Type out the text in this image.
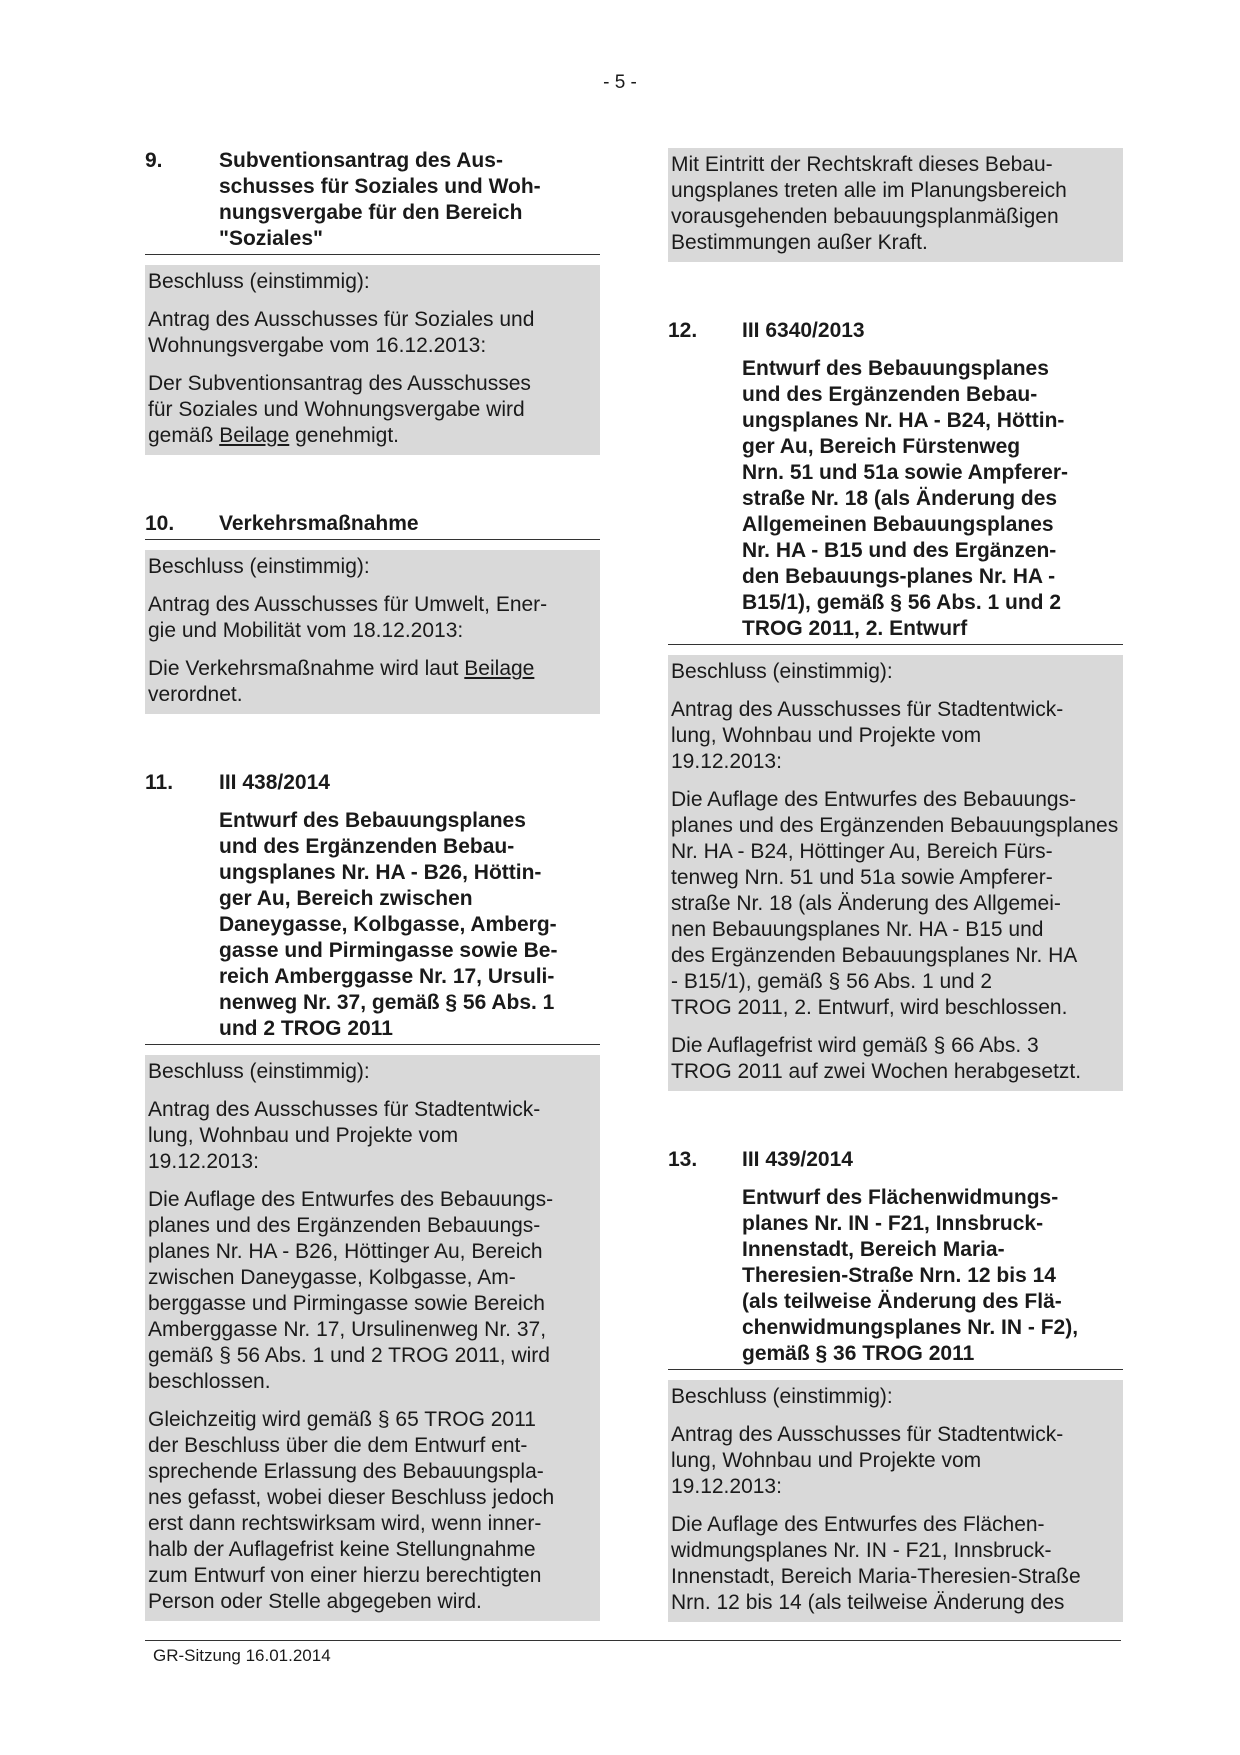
- 5 -
9.	Subventionsantrag des Aus-
schusses für Soziales und Woh-
nungsvergabe für den Bereich
"Soziales"

Beschluss (einstimmig):

Antrag des Ausschusses für Soziales und
Wohnungsvergabe vom 16.12.2013:

Der Subventionsantrag des Ausschusses
für Soziales und Wohnungsvergabe wird
gemäß Beilage genehmigt.

10.	Verkehrsmaßnahme

Beschluss (einstimmig):

Antrag des Ausschusses für Umwelt, Ener-
gie und Mobilität vom 18.12.2013:

Die Verkehrsmaßnahme wird laut Beilage
verordnet.

11.	III 438/2014
Entwurf des Bebauungsplanes
und des Ergänzenden Bebau-
ungsplanes Nr. HA - B26, Höttin-
ger Au, Bereich zwischen
Daneygasse, Kolbgasse, Amberg-
gasse und Pirmingasse sowie Be-
reich Amberggasse Nr. 17, Ursuli-
nenweg Nr. 37, gemäß § 56 Abs. 1
und 2 TROG 2011

Beschluss (einstimmig):

Antrag des Ausschusses für Stadtentwick-
lung, Wohnbau und Projekte vom
19.12.2013:

Die Auflage des Entwurfes des Bebauungs-
planes und des Ergänzenden Bebauungs-
planes Nr. HA - B26, Höttinger Au, Bereich
zwischen Daneygasse, Kolbgasse, Am-
berggasse und Pirmingasse sowie Bereich
Amberggasse Nr. 17, Ursulinenweg Nr. 37,
gemäß § 56 Abs. 1 und 2 TROG 2011, wird
beschlossen.

Gleichzeitig wird gemäß § 65 TROG 2011
der Beschluss über die dem Entwurf ent-
sprechende Erlassung des Bebauungspla-
nes gefasst, wobei dieser Beschluss jedoch
erst dann rechtswirksam wird, wenn inner-
halb der Auflagefrist keine Stellungnahme
zum Entwurf von einer hierzu berechtigten
Person oder Stelle abgegeben wird.

Mit Eintritt der Rechtskraft dieses Bebau-
ungsplanes treten alle im Planungsbereich
vorausgehenden bebauungsplanmäßigen
Bestimmungen außer Kraft.

12.	III 6340/2013
Entwurf des Bebauungsplanes
und des Ergänzenden Bebau-
ungsplanes Nr. HA - B24, Höttin-
ger Au, Bereich Fürstenweg
Nrn. 51 und 51a sowie Ampferer-
straße Nr. 18 (als Änderung des
Allgemeinen Bebauungsplanes
Nr. HA - B15 und des Ergänzen-
den Bebauungs-planes Nr. HA -
B15/1), gemäß § 56 Abs. 1 und 2
TROG 2011, 2. Entwurf

Beschluss (einstimmig):

Antrag des Ausschusses für Stadtentwick-
lung, Wohnbau und Projekte vom
19.12.2013:

Die Auflage des Entwurfes des Bebauungs-
planes und des Ergänzenden Bebauungsplanes
Nr. HA - B24, Höttinger Au, Bereich Fürs-
tenweg Nrn. 51 und 51a sowie Ampferer-
straße Nr. 18 (als Änderung des Allgemei-
nen Bebauungsplanes Nr. HA - B15 und
des Ergänzenden Bebauungsplanes Nr. HA
- B15/1), gemäß § 56 Abs. 1 und 2
TROG 2011, 2. Entwurf, wird beschlossen.

Die Auflagefrist wird gemäß § 66 Abs. 3
TROG 2011 auf zwei Wochen herabgesetzt.

13.	III 439/2014
Entwurf des Flächenwidmungs-
planes Nr. IN - F21, Innsbruck-
Innenstadt, Bereich Maria-
Theresien-Straße Nrn. 12 bis 14
(als teilweise Änderung des Flä-
chenwidmungsplanes Nr. IN - F2),
gemäß § 36 TROG 2011

Beschluss (einstimmig):

Antrag des Ausschusses für Stadtentwick-
lung, Wohnbau und Projekte vom
19.12.2013:

Die Auflage des Entwurfes des Flächen-
widmungsplanes Nr. IN - F21, Innsbruck-
Innenstadt, Bereich Maria-Theresien-Straße
Nrn. 12 bis 14 (als teilweise Änderung des

GR-Sitzung 16.01.2014
